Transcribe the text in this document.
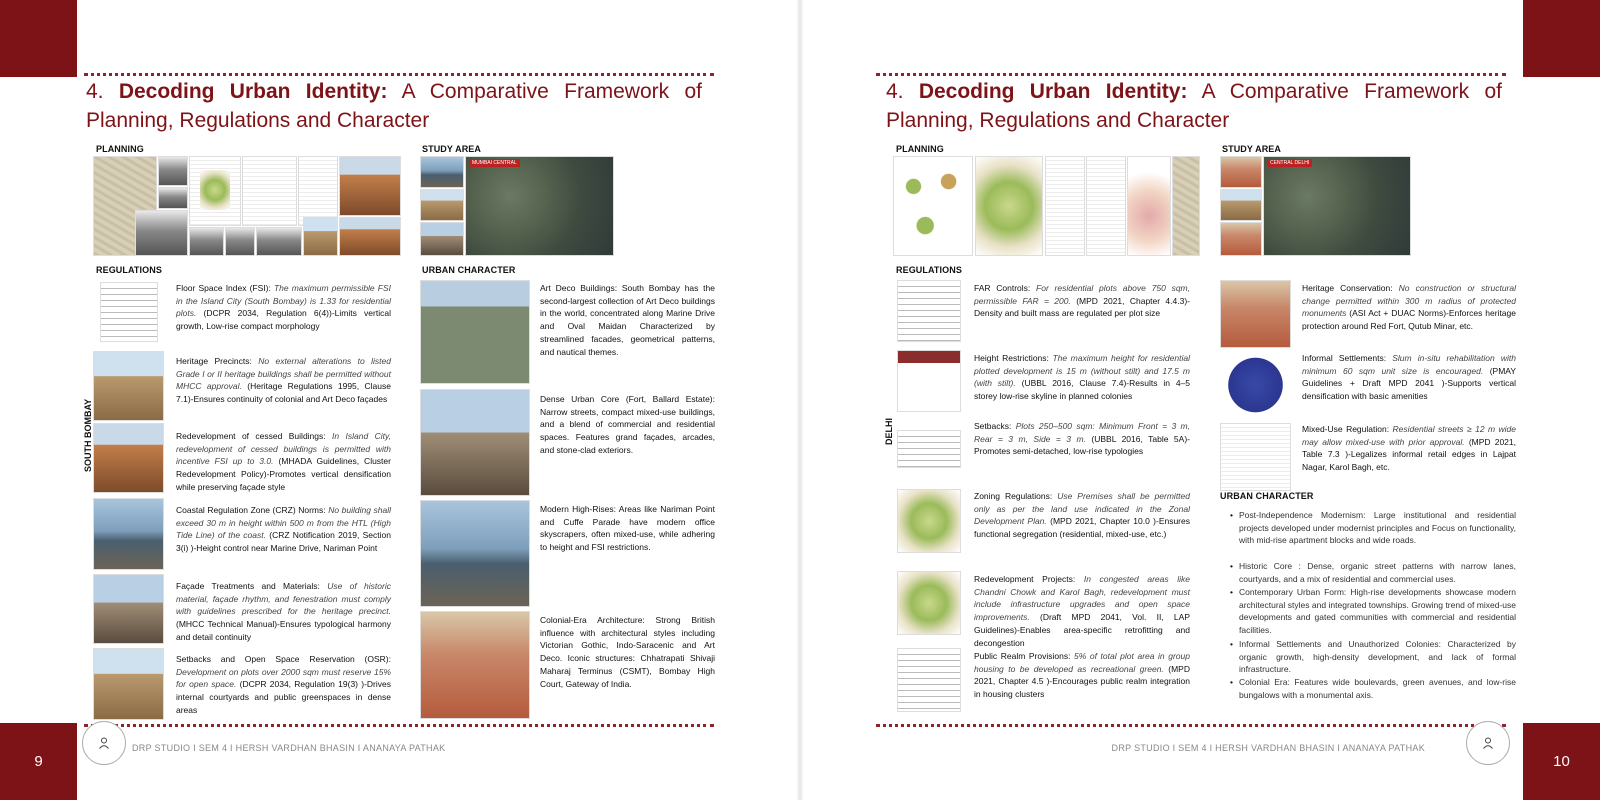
4. Decoding Urban Identity: A Comparative Framework of Planning, Regulations and Character
PLANNING	STUDY AREA
MUMBAI CENTRAL
REGULATIONS	URBAN CHARACTER
SOUTH BOMBAY
Floor Space Index (FSI): The maximum permissible FSI in the Island City (South Bombay) is 1.33 for residential plots. (DCPR 2034, Regulation 6(4))-Limits vertical growth, Low-rise compact morphology
Heritage Precincts: No external alterations to listed Grade I or II heritage buildings shall be permitted without MHCC approval. (Heritage Regulations 1995, Clause 7.1)-Ensures continuity of colonial and Art Deco façades
Redevelopment of cessed Buildings: In Island City, redevelopment of cessed buildings is permitted with incentive FSI up to 3.0. (MHADA Guidelines, Cluster Redevelopment Policy)-Promotes vertical densification while preserving façade style
Coastal Regulation Zone (CRZ) Norms: No building shall exceed 30 m in height within 500 m from the HTL (High Tide Line) of the coast. (CRZ Notification 2019, Section 3(i) )-Height control near Marine Drive, Nariman Point
Façade Treatments and Materials: Use of historic material, façade rhythm, and fenestration must comply with guidelines prescribed for the heritage precinct. (MHCC Technical Manual)-Ensures typological harmony and detail continuity
Setbacks and Open Space Reservation (OSR): Development on plots over 2000 sqm must reserve 15% for open space. (DCPR 2034, Regulation 19(3) )-Drives internal courtyards and public greenspaces in dense areas
Art Deco Buildings: South Bombay has the second-largest collection of Art Deco buildings in the world, concentrated along Marine Drive and Oval Maidan Characterized by streamlined facades, geometrical patterns, and nautical themes.
Dense Urban Core (Fort, Ballard Estate): Narrow streets, compact mixed-use buildings, and a blend of commercial and residential spaces. Features grand façades, arcades, and stone-clad exteriors.
Modern High-Rises: Areas like Nariman Point and Cuffe Parade have modern office skyscrapers, often mixed-use, while adhering to height and FSI restrictions.
Colonial-Era Architecture: Strong British influence with architectural styles including Victorian Gothic, Indo-Saracenic and Art Deco. Iconic structures: Chhatrapati Shivaji Maharaj Terminus (CSMT), Bombay High Court, Gateway of India.
9
DRP STUDIO I SEM 4 I HERSH VARDHAN BHASIN I ANANAYA PATHAK
4. Decoding Urban Identity: A Comparative Framework of Planning, Regulations and Character
PLANNING	STUDY AREA
CENTRAL DELHI
REGULATIONS
DELHI
FAR Controls: For residential plots above 750 sqm, permissible FAR = 200. (MPD 2021, Chapter 4.4.3)-Density and built mass are regulated per plot size
Height Restrictions: The maximum height for residential plotted development is 15 m (without stilt) and 17.5 m (with stilt). (UBBL 2016, Clause 7.4)-Results in 4–5 storey low-rise skyline in planned colonies
Setbacks: Plots 250–500 sqm: Minimum Front = 3 m, Rear = 3 m, Side = 3 m. (UBBL 2016, Table 5A)-Promotes semi-detached, low-rise typologies
Zoning Regulations: Use Premises shall be permitted only as per the land use indicated in the Zonal Development Plan. (MPD 2021, Chapter 10.0 )-Ensures functional segregation (residential, mixed-use, etc.)
Redevelopment Projects: In congested areas like Chandni Chowk and Karol Bagh, redevelopment must include infrastructure upgrades and open space improvements. (Draft MPD 2041, Vol. II, LAP Guidelines)-Enables area-specific retrofitting and decongestion
Public Realm Provisions: 5% of total plot area in group housing to be developed as recreational green. (MPD 2021, Chapter 4.5 )-Encourages public realm integration in housing clusters
Heritage Conservation: No construction or structural change permitted within 300 m radius of protected monuments (ASI Act + DUAC Norms)-Enforces heritage protection around Red Fort, Qutub Minar, etc.
Informal Settlements: Slum in-situ rehabilitation with minimum 60 sqm unit size is encouraged. (PMAY Guidelines + Draft MPD 2041 )-Supports vertical densification with basic amenities
Mixed-Use Regulation: Residential streets ≥ 12 m wide may allow mixed-use with prior approval. (MPD 2021, Table 7.3 )-Legalizes informal retail edges in Lajpat Nagar, Karol Bagh, etc.
URBAN CHARACTER
• Post-Independence Modernism: Large institutional and residential projects developed under modernist principles and Focus on functionality, with mid-rise apartment blocks and wide roads.
• Historic Core : Dense, organic street patterns with narrow lanes, courtyards, and a mix of residential and commercial uses.
• Contemporary Urban Form: High-rise developments showcase modern architectural styles and integrated townships. Growing trend of mixed-use developments and gated communities with commercial and residential facilities.
• Informal Settlements and Unauthorized Colonies: Characterized by organic growth, high-density development, and lack of formal infrastructure.
• Colonial Era: Features wide boulevards, green avenues, and low-rise bungalows with a monumental axis.
DRP STUDIO I SEM 4 I HERSH VARDHAN BHASIN I ANANAYA PATHAK
10
